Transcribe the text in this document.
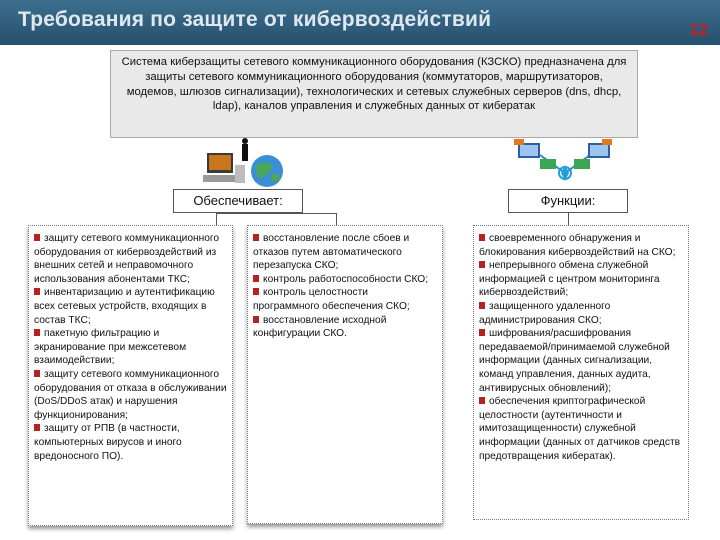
Требования по защите от кибервоздействий	12
Система киберзащиты сетевого коммуникационного оборудования (КЗСКО) предназначена для защиты сетевого коммуникационного оборудования (коммутаторов, маршрутизаторов, модемов, шлюзов сигнализации), технологических и сетевых служебных серверов (dns, dhcp, ldap), каналов управления и служебных данных от кибератак
Обеспечивает:	Функции:
защиту сетевого коммуникационного оборудования от кибервоздействий из внешних сетей и неправомочного использования абонентами ТКС;
инвентаризацию и аутентификацию всех сетевых устройств, входящих в состав ТКС;
пакетную фильтрацию и экранирование при межсетевом взаимодействии;
защиту сетевого коммуникационного оборудования от отказа в обслуживании (DoS/DDoS атак) и нарушения функционирования;
защиту от РПВ (в частности, компьютерных вирусов и иного вредоносного ПО).
восстановление после сбоев и отказов путем автоматического перезапуска СКО;
контроль работоспособности СКО;
контроль целостности программного обеспечения СКО;
восстановление исходной конфигурации СКО.
своевременного обнаружения и блокирования кибервоздействий на СКО;
непрерывного обмена служебной информацией с центром мониторинга кибервоздействий;
защищенного удаленного администрирования СКО;
шифрования/расшифрования передаваемой/принимаемой служебной информации (данных сигнализации, команд управления, данных аудита, антивирусных обновлений);
обеспечения криптографической целостности (аутентичности и имитозащищенности) служебной информации (данных от датчиков средств предотвращения кибератак).
